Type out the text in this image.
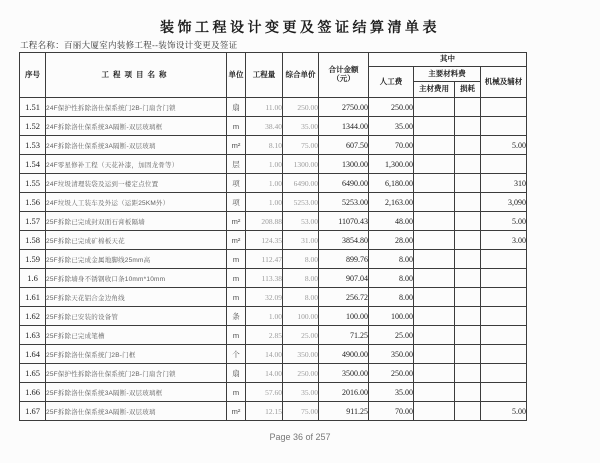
装饰工程设计变更及签证结算清单表
工程名称：百丽大厦室内装修工程--装饰设计变更及签证
序号	工程项目名称	单位	工程量	综合单价	合计金额
（元）	其中			
						人工费	主要材料费		机械及辅材
							主材费用	损耗	
1.51	24F保护性拆除洛仕保系统门2B-门扇含门锁	扇	11.00	250.00	2750.00	250.00			
1.52	24F拆除洛仕保系统3A隔断-双层玻璃框	m	38.40	35.00	1344.00	35.00			
1.53	24F拆除洛仕保系统3A隔断-双层玻璃	m²	8.10	75.00	607.50	70.00			5.00
1.54	24F零星修补工程（天花补漆，加固龙骨等）	层	1.00	1300.00	1300.00	1,300.00			
1.55	24F垃圾清理装袋及运到一楼定点位置	项	1.00	6490.00	6490.00	6,180.00			310
1.56	24F垃圾人工装车及外运（运距25KM外）	项	1.00	5253.00	5253.00	2,163.00			3,090
1.57	25F拆除已完成封双面石膏板隔墙	m²	208.88	53.00	11070.43	48.00			5.00
1.58	25F拆除已完成矿棉板天花	m²	124.35	31.00	3854.80	28.00			3.00
1.59	25F拆除已完成金属地脚线25mm高	m	112.47	8.00	899.76	8.00			
1.6	25F拆除墙身不锈钢收口条10mm*10mm	m	113.38	8.00	907.04	8.00			
1.61	25F拆除天花铝合金边角线	m	32.09	8.00	256.72	8.00			
1.62	25F拆除已安装的设备管	条	1.00	100.00	100.00	100.00			
1.63	25F拆除已完成笔槽	m	2.85	25.00	71.25	25.00			
1.64	25F拆除洛仕保系统门2B-门框	个	14.00	350.00	4900.00	350.00			
1.65	25F保护性拆除洛仕保系统门2B-门扇含门锁	扇	14.00	250.00	3500.00	250.00			
1.66	25F拆除洛仕保系统3A隔断-双层玻璃框	m	57.60	35.00	2016.00	35.00			
1.67	25F拆除洛仕保系统3A隔断-双层玻璃	m²	12.15	75.00	911.25	70.00			5.00
Page 36 of 257
